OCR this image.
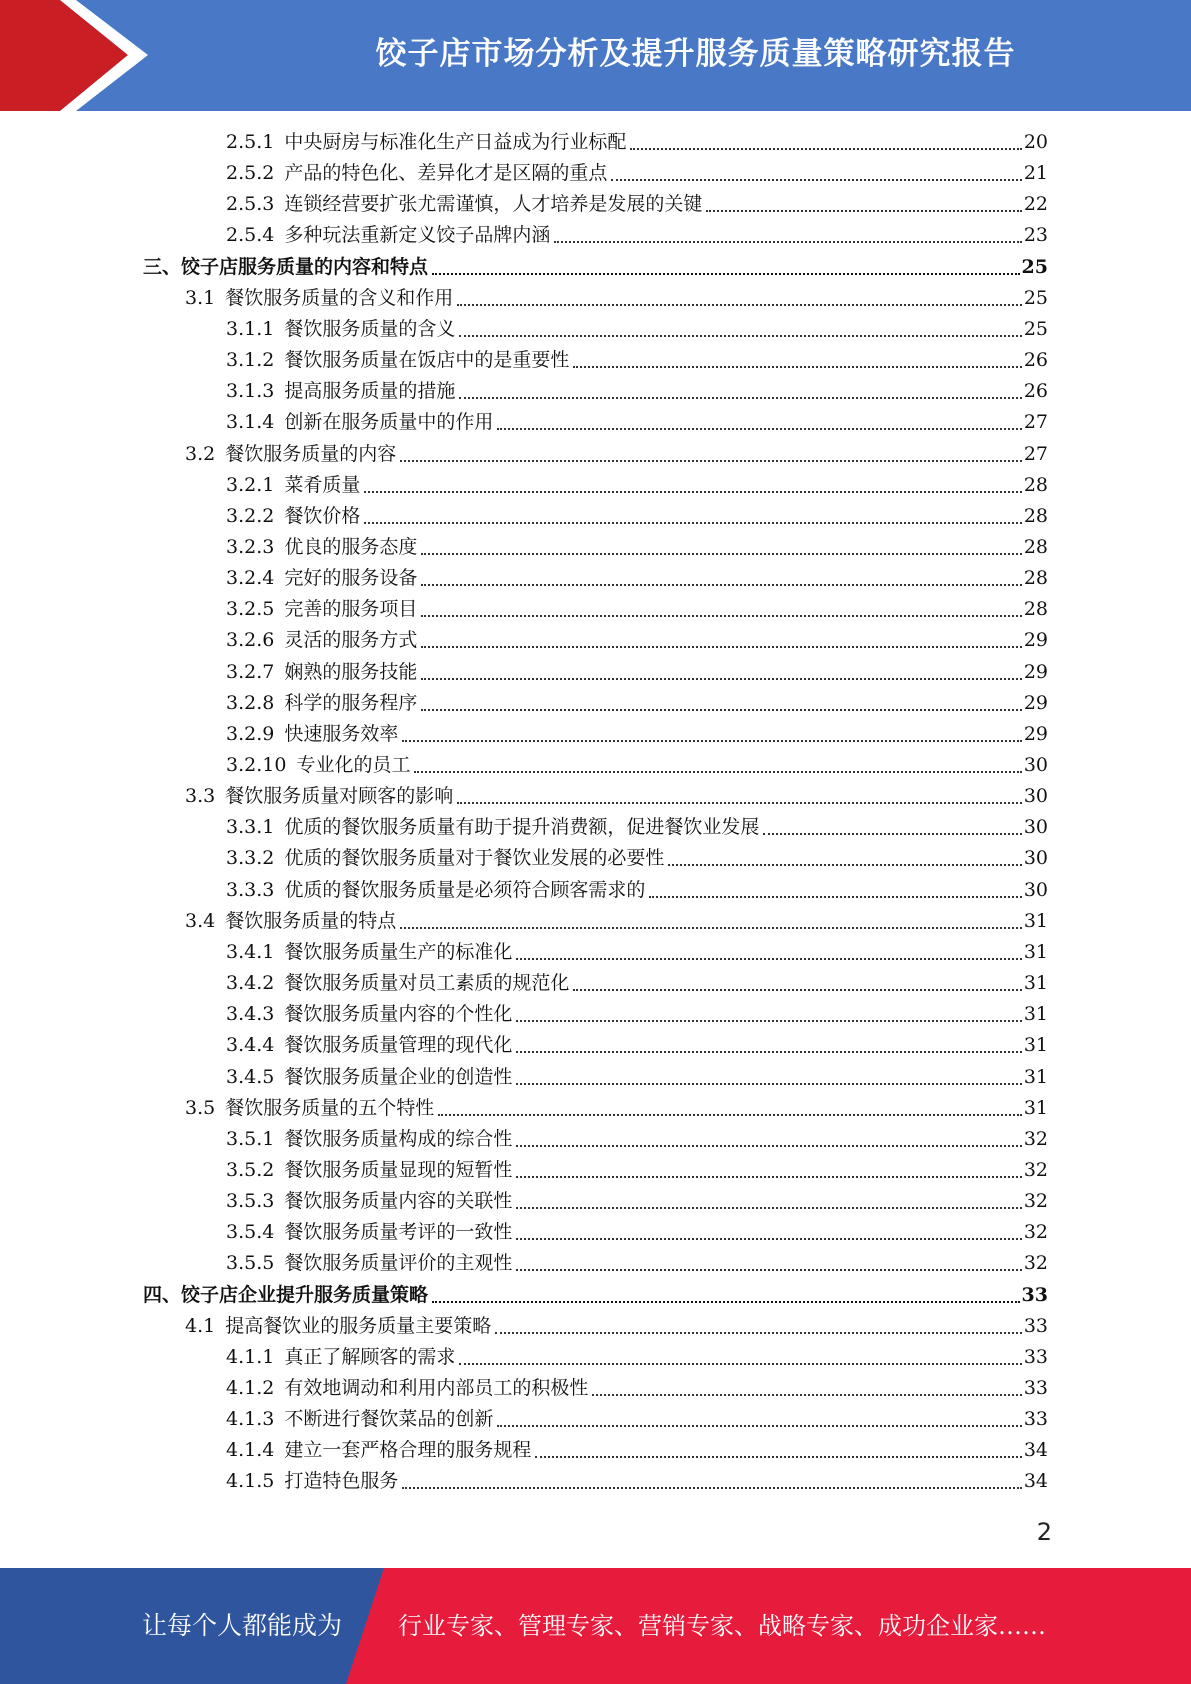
饺子店市场分析及提升服务质量策略研究报告
2.5.1 中央厨房与标准化生产日益成为行业标配	20
2.5.2 产品的特色化、差异化才是区隔的重点	21
2.5.3 连锁经营要扩张尤需谨慎，人才培养是发展的关键	22
2.5.4 多种玩法重新定义饺子品牌内涵	23
三、饺子店服务质量的内容和特点	25
3.1 餐饮服务质量的含义和作用	25
3.1.1 餐饮服务质量的含义	25
3.1.2 餐饮服务质量在饭店中的是重要性	26
3.1.3 提高服务质量的措施	26
3.1.4 创新在服务质量中的作用	27
3.2 餐饮服务质量的内容	27
3.2.1 菜肴质量	28
3.2.2 餐饮价格	28
3.2.3 优良的服务态度	28
3.2.4 完好的服务设备	28
3.2.5 完善的服务项目	28
3.2.6 灵活的服务方式	29
3.2.7 娴熟的服务技能	29
3.2.8 科学的服务程序	29
3.2.9 快速服务效率	29
3.2.10 专业化的员工	30
3.3 餐饮服务质量对顾客的影响	30
3.3.1 优质的餐饮服务质量有助于提升消费额，促进餐饮业发展	30
3.3.2 优质的餐饮服务质量对于餐饮业发展的必要性	30
3.3.3 优质的餐饮服务质量是必须符合顾客需求的	30
3.4 餐饮服务质量的特点	31
3.4.1 餐饮服务质量生产的标准化	31
3.4.2 餐饮服务质量对员工素质的规范化	31
3.4.3 餐饮服务质量内容的个性化	31
3.4.4 餐饮服务质量管理的现代化	31
3.4.5 餐饮服务质量企业的创造性	31
3.5 餐饮服务质量的五个特性	31
3.5.1 餐饮服务质量构成的综合性	32
3.5.2 餐饮服务质量显现的短暂性	32
3.5.3 餐饮服务质量内容的关联性	32
3.5.4 餐饮服务质量考评的一致性	32
3.5.5 餐饮服务质量评价的主观性	32
四、饺子店企业提升服务质量策略	33
4.1 提高餐饮业的服务质量主要策略	33
4.1.1 真正了解顾客的需求	33
4.1.2 有效地调动和利用内部员工的积极性	33
4.1.3 不断进行餐饮菜品的创新	33
4.1.4 建立一套严格合理的服务规程	34
4.1.5 打造特色服务	34
2
让每个人都能成为 行业专家、管理专家、营销专家、战略专家、成功企业家……
